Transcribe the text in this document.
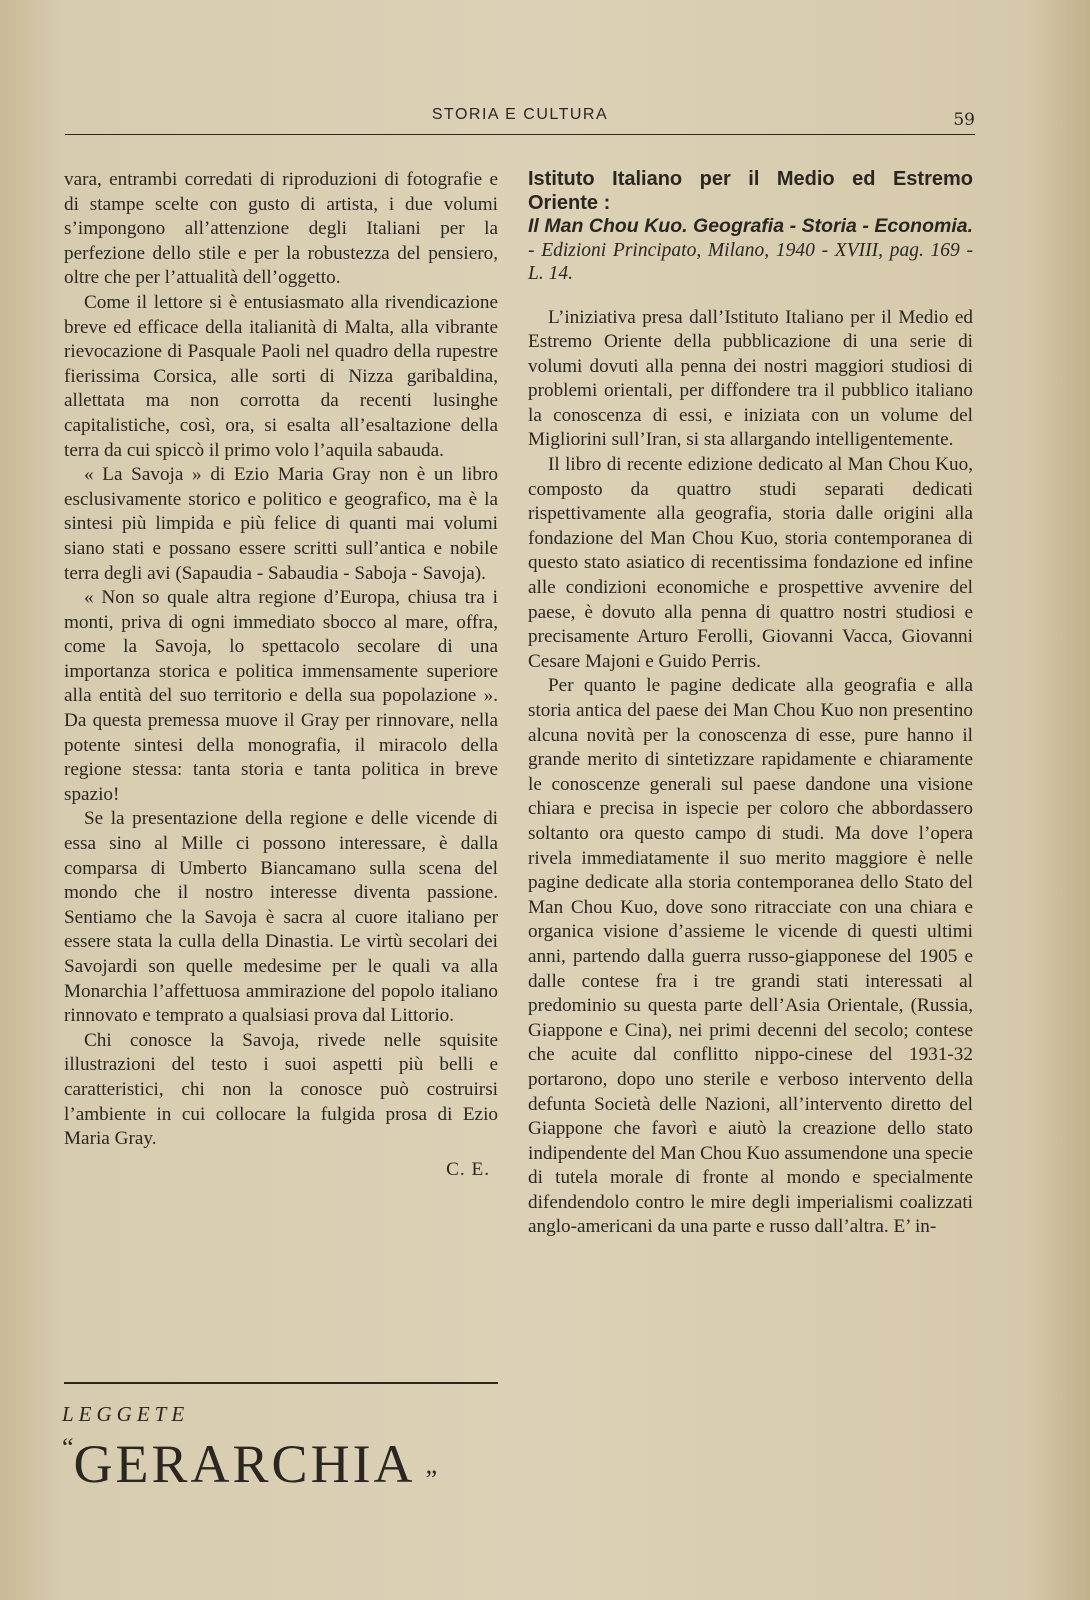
STORIA E CULTURA	59

vara, entrambi corredati di riproduzioni di fotografie e di stampe scelte con gusto di artista, i due volumi s’impongono all’attenzione degli Italiani per la perfezione dello stile e per la robustezza del pensiero, oltre che per l’attualità dell’oggetto.

Come il lettore si è entusiasmato alla rivendicazione breve ed efficace della italianità di Malta, alla vibrante rievocazione di Pasquale Paoli nel quadro della rupestre fierissima Corsica, alle sorti di Nizza garibaldina, allettata ma non corrotta da recenti lusinghe capitalistiche, così, ora, si esalta all’esaltazione della terra da cui spiccò il primo volo l’aquila sabauda.

« La Savoja » di Ezio Maria Gray non è un libro esclusivamente storico e politico e geografico, ma è la sintesi più limpida e più felice di quanti mai volumi siano stati e possano essere scritti sull’antica e nobile terra degli avi (Sapaudia - Sabaudia - Saboja - Savoja).

« Non so quale altra regione d’Europa, chiusa tra i monti, priva di ogni immediato sbocco al mare, offra, come la Savoja, lo spettacolo secolare di una importanza storica e politica immensamente superiore alla entità del suo territorio e della sua popolazione ». Da questa premessa muove il Gray per rinnovare, nella potente sintesi della monografia, il miracolo della regione stessa: tanta storia e tanta politica in breve spazio!

Se la presentazione della regione e delle vicende di essa sino al Mille ci possono interessare, è dalla comparsa di Umberto Biancamano sulla scena del mondo che il nostro interesse diventa passione. Sentiamo che la Savoja è sacra al cuore italiano per essere stata la culla della Dinastia. Le virtù secolari dei Savojardi son quelle medesime per le quali va alla Monarchia l’affettuosa ammirazione del popolo italiano rinnovato e temprato a qualsiasi prova dal Littorio.

Chi conosce la Savoja, rivede nelle squisite illustrazioni del testo i suoi aspetti più belli e caratteristici, chi non la conosce può costruirsi l’ambiente in cui collocare la fulgida prosa di Ezio Maria Gray.

C. E.
LEGGETE
“GERARCHIA ”
Istituto Italiano per il Medio ed Estremo Oriente :
Il Man Chou Kuo. Geografia - Storia - Economia. - Edizioni Principato, Milano, 1940 - XVIII, pag. 169 - L. 14.

L’iniziativa presa dall’Istituto Italiano per il Medio ed Estremo Oriente della pubblicazione di una serie di volumi dovuti alla penna dei nostri maggiori studiosi di problemi orientali, per diffondere tra il pubblico italiano la conoscenza di essi, e iniziata con un volume del Migliorini sull’Iran, si sta allargando intelligentemente.

Il libro di recente edizione dedicato al Man Chou Kuo, composto da quattro studi separati dedicati rispettivamente alla geografia, storia dalle origini alla fondazione del Man Chou Kuo, storia contemporanea di questo stato asiatico di recentissima fondazione ed infine alle condizioni economiche e prospettive avvenire del paese, è dovuto alla penna di quattro nostri studiosi e precisamente Arturo Ferolli, Giovanni Vacca, Giovanni Cesare Majoni e Guido Perris.

Per quanto le pagine dedicate alla geografia e alla storia antica del paese dei Man Chou Kuo non presentino alcuna novità per la conoscenza di esse, pure hanno il grande merito di sintetizzare rapidamente e chiaramente le conoscenze generali sul paese dandone una visione chiara e precisa in ispecie per coloro che abbordassero soltanto ora questo campo di studi. Ma dove l’opera rivela immediatamente il suo merito maggiore è nelle pagine dedicate alla storia contemporanea dello Stato del Man Chou Kuo, dove sono ritracciate con una chiara e organica visione d’assieme le vicende di questi ultimi anni, partendo dalla guerra russo-giapponese del 1905 e dalle contese fra i tre grandi stati interessati al predominio su questa parte dell’Asia Orientale, (Russia, Giappone e Cina), nei primi decenni del secolo; contese che acuite dal conflitto nippo-cinese del 1931-32 portarono, dopo uno sterile e verboso intervento della defunta Società delle Nazioni, all’intervento diretto del Giappone che favorì e aiutò la creazione dello stato indipendente del Man Chou Kuo assumendone una specie di tutela morale di fronte al mondo e specialmente difendendolo contro le mire degli imperialismi coalizzati anglo-americani da una parte e russo dall’altra. E’ in-
